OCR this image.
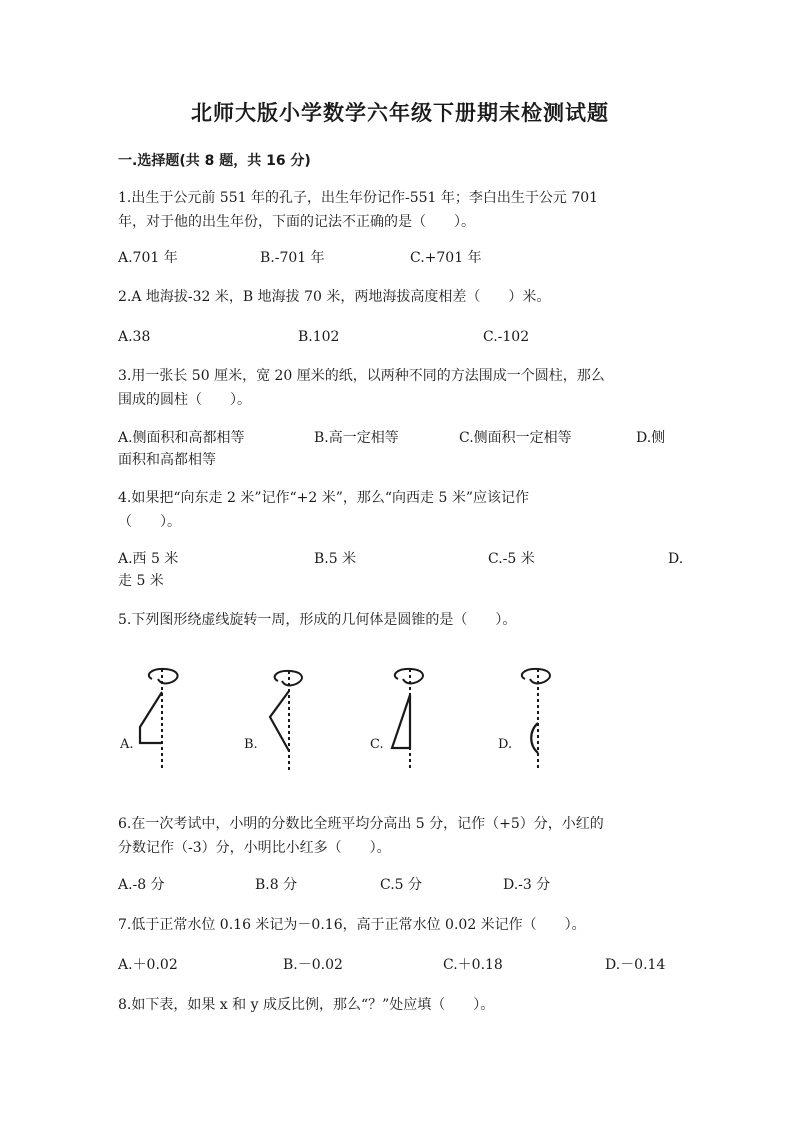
北师大版小学数学六年级下册期末检测试题
一.选择题(共 8 题，共 16 分)
1.出生于公元前 551 年的孔子，出生年份记作-551 年；李白出生于公元 701
年，对于他的出生年份，下面的记法不正确的是（　　）。
A.701 年	B.-701 年	C.+701 年
2.A 地海拔-32 米，B 地海拔 70 米，两地海拔高度相差（　　）米。
A.38	B.102	C.-102
3.用一张长 50 厘米，宽 20 厘米的纸，以两种不同的方法围成一个圆柱，那么
围成的圆柱（　　）。
A.侧面积和高都相等	B.高一定相等	C.侧面积一定相等	D.侧
面积和高都相等
4.如果把“向东走 2 米”记作“+2 米”，那么“向西走 5 米”应该记作
（　　）。
A.西 5 米	B.5 米	C.-5 米	D.
走 5 米
5.下列图形绕虚线旋转一周，形成的几何体是圆锥的是（　　）。
A.	B.	C.	D.
6.在一次考试中，小明的分数比全班平均分高出 5 分，记作（+5）分，小红的
分数记作（-3）分，小明比小红多（　　）。
A.-8 分	B.8 分	C.5 分	D.-3 分
7.低于正常水位 0.16 米记为－0.16，高于正常水位 0.02 米记作（　　）。
A.＋0.02	B.－0.02	C.＋0.18	D.－0.14
8.如下表，如果 x 和 y 成反比例，那么“？”处应填（　　）。
